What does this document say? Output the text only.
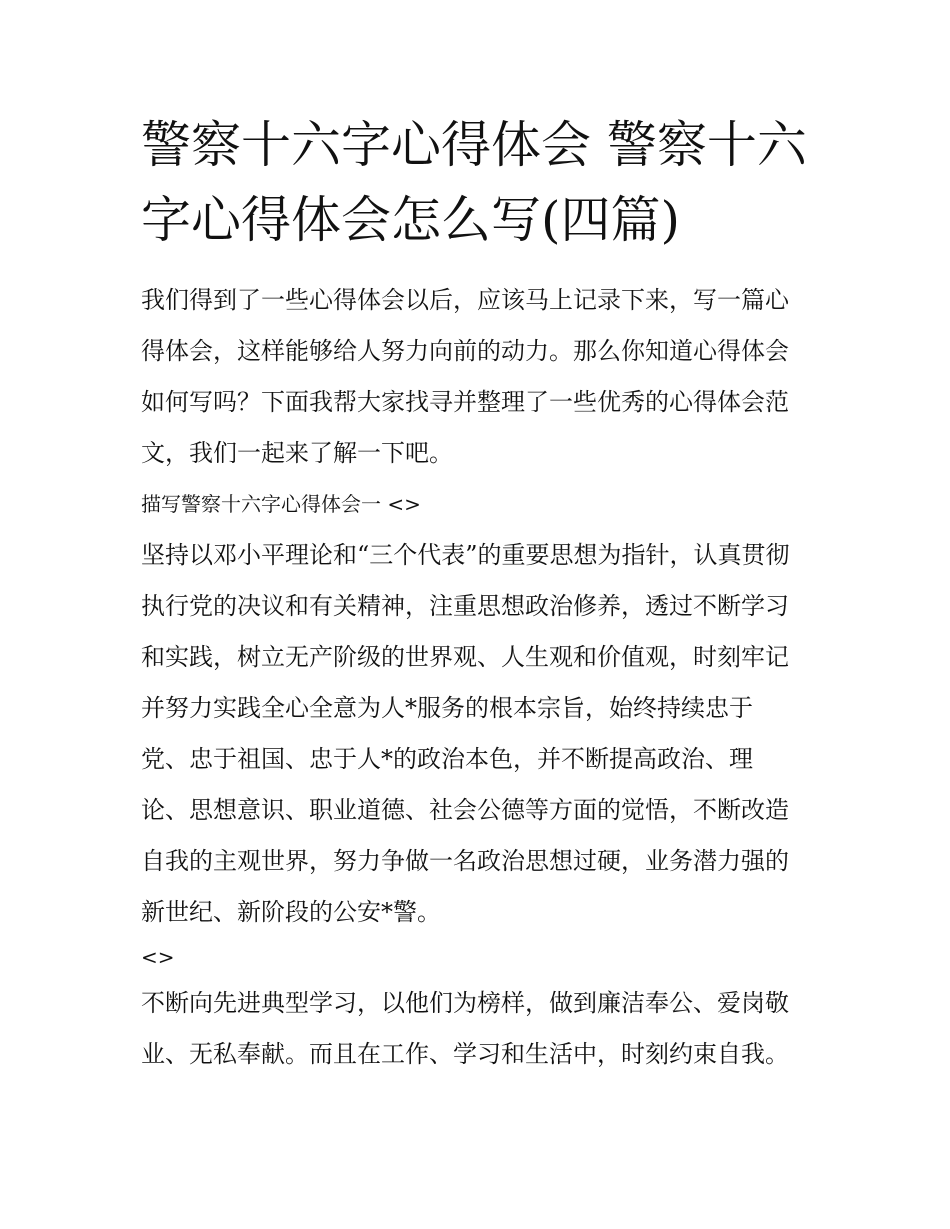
警察十六字心得体会 警察十六
字心得体会怎么写(四篇)

我们得到了一些心得体会以后，应该马上记录下来，写一篇心

得体会，这样能够给人努力向前的动力。那么你知道心得体会

如何写吗？下面我帮大家找寻并整理了一些优秀的心得体会范

文，我们一起来了解一下吧。

描写警察十六字心得体会一 <>

坚持以邓小平理论和“三个代表”的重要思想为指针，认真贯彻

执行党的决议和有关精神，注重思想政治修养，透过不断学习

和实践，树立无产阶级的世界观、人生观和价值观，时刻牢记

并努力实践全心全意为人*服务的根本宗旨，始终持续忠于

党、忠于祖国、忠于人*的政治本色，并不断提高政治、理

论、思想意识、职业道德、社会公德等方面的觉悟，不断改造

自我的主观世界，努力争做一名政治思想过硬，业务潜力强的

新世纪、新阶段的公安*警。

<>

不断向先进典型学习，以他们为榜样，做到廉洁奉公、爱岗敬

业、无私奉献。而且在工作、学习和生活中，时刻约束自我。
